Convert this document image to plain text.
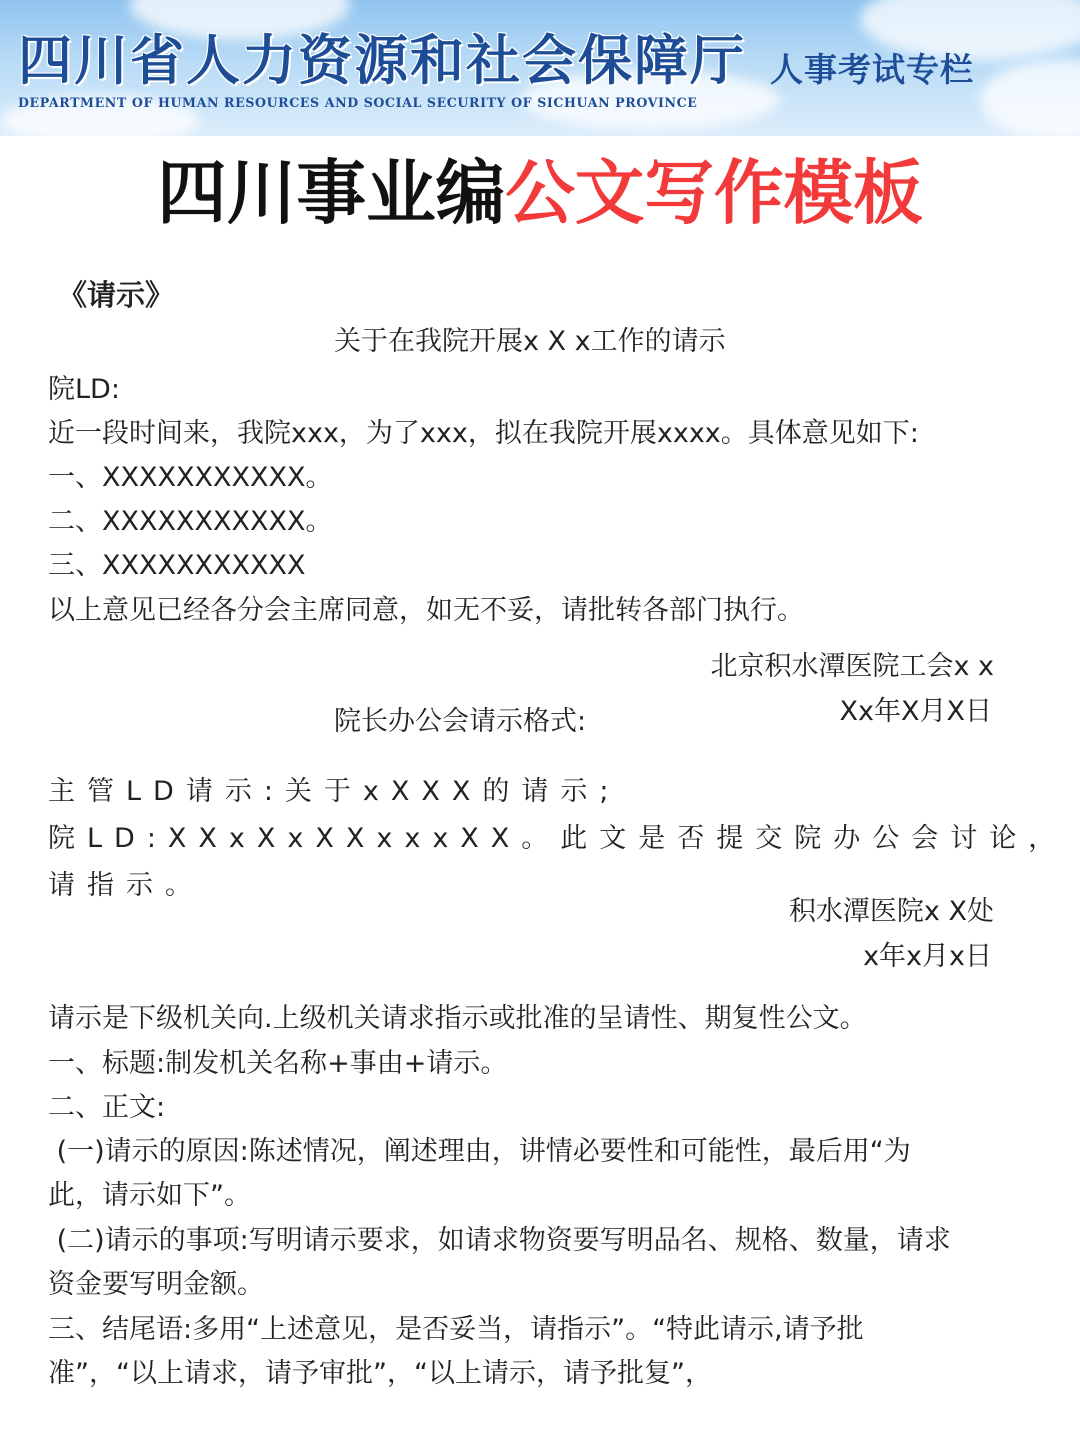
四川省人力资源和社会保障厅
DEPARTMENT OF HUMAN RESOURCES AND SOCIAL SECURITY OF SICHUAN PROVINCE
人事考试专栏
四川事业编公文写作模板
《请示》
关于在我院开展x X x工作的请示
院LD:
近一段时间来，我院xxx，为了xxx，拟在我院开展xxxx。具体意见如下:
一、XXXXXXXXXXX。
二、XXXXXXXXXXX。
三、XXXXXXXXXXX
以上意见已经各分会主席同意，如无不妥，请批转各部门执行。
北京积水潭医院工会x x
Xx年X月X日
院长办公会请示格式:
主管LD请示:关于xXXX的请示;
院LD:XXxXxXXxxxXX。此文是否提交院办公会讨论，
请指示。
积水潭医院x X处
x年x月x日
请示是下级机关向.上级机关请求指示或批准的呈请性、期复性公文。
一、标题:制发机关名称+事由+请示。
二、正文:
(一)请示的原因:陈述情况，阐述理由，讲情必要性和可能性，最后用“为
此，请示如下”。
(二)请示的事项:写明请示要求，如请求物资要写明品名、规格、数量，请求
资金要写明金额。
三、结尾语:多用“上述意见，是否妥当，请指示”。“特此请示,请予批
准”，“以上请求，请予审批”，“以上请示，请予批复”，
